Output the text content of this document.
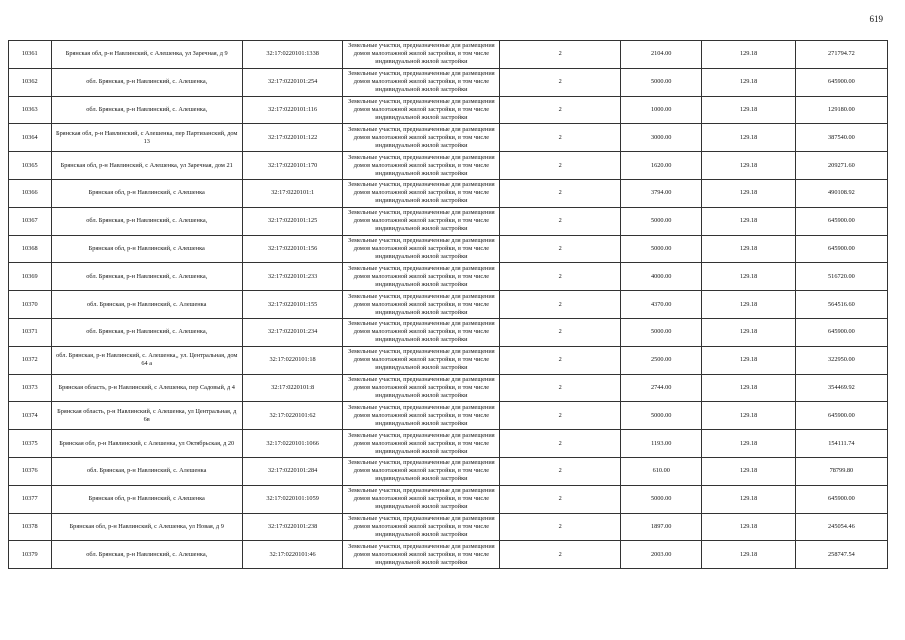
619
10361	Брянская обл, р-н Навлинский, с Алешенка, ул Заречная, д 9	32:17:0220101:1338	Земельные участки, предназначенные для размещения домов малоэтажной жилой застройки, в том числе индивидуальной жилой застройки	2	2104.00	129.18	271794.72
10362	обл. Брянская, р-н Навлинский, с. Алешенка,	32:17:0220101:254	Земельные участки, предназначенные для размещения домов малоэтажной жилой застройки, в том числе индивидуальной жилой застройки	2	5000.00	129.18	645900.00
10363	обл. Брянская, р-н Навлинский, с. Алешенка,	32:17:0220101:116	Земельные участки, предназначенные для размещения домов малоэтажной жилой застройки, в том числе индивидуальной жилой застройки	2	1000.00	129.18	129180.00
10364	Брянская обл, р-н Навлинский, с Алешенка, пер Партизанский, дом 13	32:17:0220101:122	Земельные участки, предназначенные для размещения домов малоэтажной жилой застройки, в том числе индивидуальной жилой застройки	2	3000.00	129.18	387540.00
10365	Брянская обл, р-н Навлинский, с Алешенка, ул Заречная, дом 21	32:17:0220101:170	Земельные участки, предназначенные для размещения домов малоэтажной жилой застройки, в том числе индивидуальной жилой застройки	2	1620.00	129.18	209271.60
10366	Брянская обл, р-н Навлинский, с Алешенка	32:17:0220101:1	Земельные участки, предназначенные для размещения домов малоэтажной жилой застройки, в том числе индивидуальной жилой застройки	2	3794.00	129.18	490108.92
10367	обл. Брянская, р-н Навлинский, с. Алешенка,	32:17:0220101:125	Земельные участки, предназначенные для размещения домов малоэтажной жилой застройки, в том числе индивидуальной жилой застройки	2	5000.00	129.18	645900.00
10368	Брянская обл, р-н Навлинский, с Алешенка	32:17:0220101:156	Земельные участки, предназначенные для размещения домов малоэтажной жилой застройки, в том числе индивидуальной жилой застройки	2	5000.00	129.18	645900.00
10369	обл. Брянская, р-н Навлинский, с. Алешенка,	32:17:0220101:233	Земельные участки, предназначенные для размещения домов малоэтажной жилой застройки, в том числе индивидуальной жилой застройки	2	4000.00	129.18	516720.00
10370	обл. Брянская, р-н Навлинский, с. Алешенка	32:17:0220101:155	Земельные участки, предназначенные для размещения домов малоэтажной жилой застройки, в том числе индивидуальной жилой застройки	2	4370.00	129.18	564516.60
10371	обл. Брянская, р-н Навлинский, с. Алешенка,	32:17:0220101:234	Земельные участки, предназначенные для размещения домов малоэтажной жилой застройки, в том числе индивидуальной жилой застройки	2	5000.00	129.18	645900.00
10372	обл. Брянская, р-н Навлинский, с. Алешенка,, ул. Центральная, дом 64 а	32:17:0220101:18	Земельные участки, предназначенные для размещения домов малоэтажной жилой застройки, в том числе индивидуальной жилой застройки	2	2500.00	129.18	322950.00
10373	Брянская область, р-н Навлинский, с Алешенка, пер Садовый, д 4	32:17:0220101:8	Земельные участки, предназначенные для размещения домов малоэтажной жилой застройки, в том числе индивидуальной жилой застройки	2	2744.00	129.18	354469.92
10374	Брянская область, р-н Навлинский, с Алешенка, ул Центральная, д 6в	32:17:0220101:62	Земельные участки, предназначенные для размещения домов малоэтажной жилой застройки, в том числе индивидуальной жилой застройки	2	5000.00	129.18	645900.00
10375	Брянская обл, р-н Навлинский, с Алешенка, ул Октябрьская, д 20	32:17:0220101:1066	Земельные участки, предназначенные для размещения домов малоэтажной жилой застройки, в том числе индивидуальной жилой застройки	2	1193.00	129.18	154111.74
10376	обл. Брянская, р-н Навлинский, с. Алешенка	32:17:0220101:284	Земельные участки, предназначенные для размещения домов малоэтажной жилой застройки, в том числе индивидуальной жилой застройки	2	610.00	129.18	78799.80
10377	Брянская обл, р-н Навлинский, с Алешенка	32:17:0220101:1059	Земельные участки, предназначенные для размещения домов малоэтажной жилой застройки, в том числе индивидуальной жилой застройки	2	5000.00	129.18	645900.00
10378	Брянская обл, р-н Навлинский, с Алешенка, ул Новая, д 9	32:17:0220101:238	Земельные участки, предназначенные для размещения домов малоэтажной жилой застройки, в том числе индивидуальной жилой застройки	2	1897.00	129.18	245054.46
10379	обл. Брянская, р-н Навлинский, с. Алешенка,	32:17:0220101:46	Земельные участки, предназначенные для размещения домов малоэтажной жилой застройки, в том числе индивидуальной жилой застройки	2	2003.00	129.18	258747.54
